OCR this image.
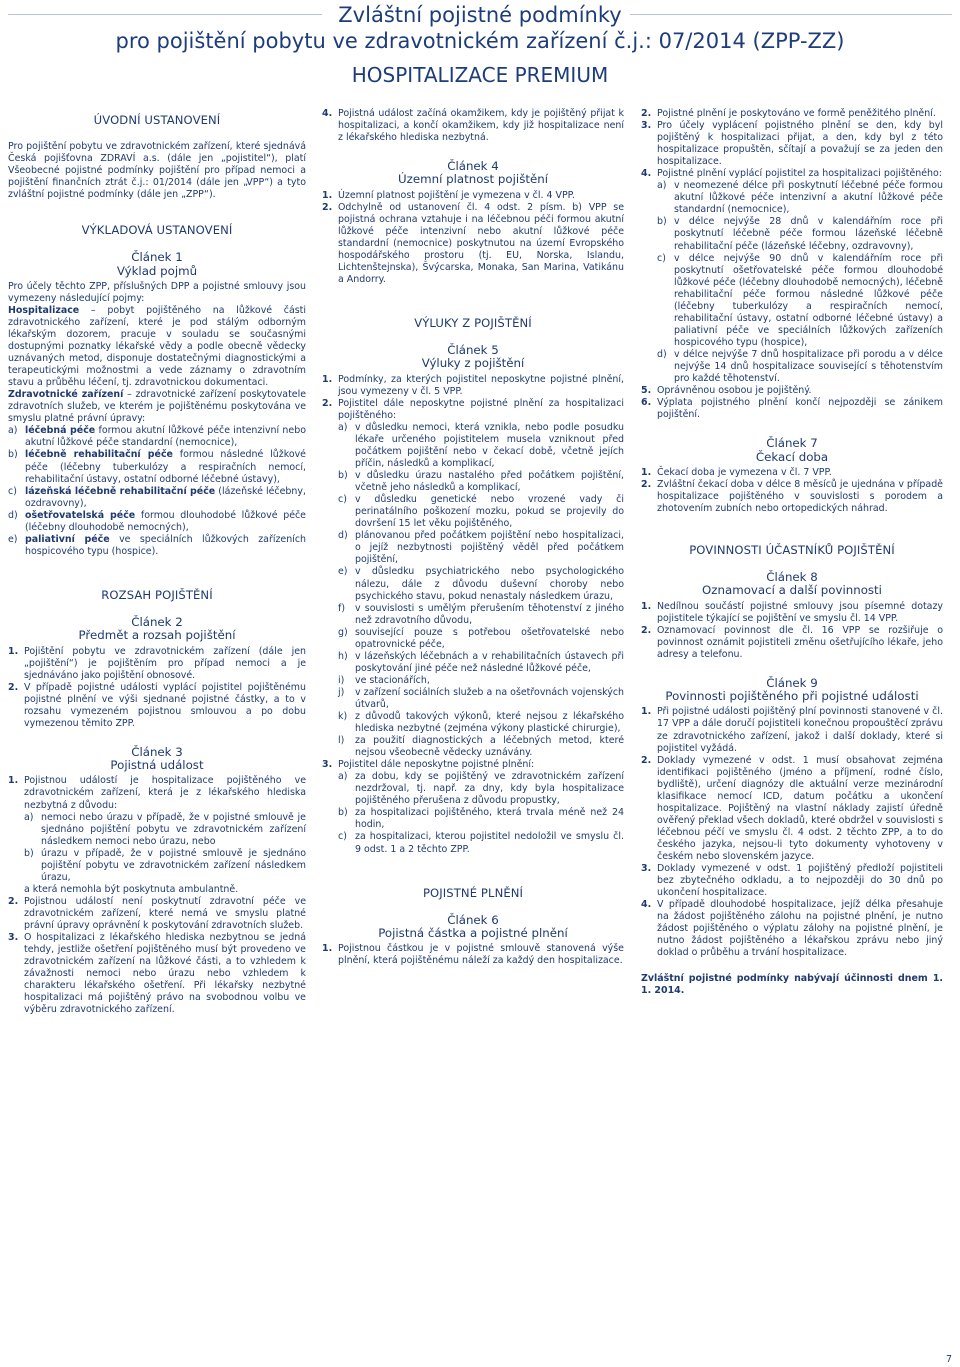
Zvláštní pojistné podmínky
pro pojištění pobytu ve zdravotnickém zařízení č.j.: 07/2014 (ZPP-ZZ)
HOSPITALIZACE PREMIUM
ÚVODNÍ USTANOVENÍ

Pro pojištění pobytu ve zdravotnickém zařízení, které sjednává Česká pojišťovna ZDRAVÍ a.s. (dále jen „pojistitel“), platí Všeobecné pojistné podmínky pojištění pro případ nemoci a pojištění finančních ztrát č.j.: 01/2014 (dále jen „VPP“) a tyto zvláštní pojistné podmínky (dále jen „ZPP“).

VÝKLADOVÁ USTANOVENÍ
Článek 1
Výklad pojmů

Pro účely těchto ZPP, příslušných DPP a pojistné smlouvy jsou vymezeny následující pojmy:

Hospitalizace – pobyt pojištěného na lůžkové části zdravotnického zařízení, které je pod stálým odborným lékařským dozorem, pracuje v souladu se současnými dostupnými poznatky lékařské vědy a podle obecně vědecky uznávaných metod, disponuje dostatečnými diagnostickými a terapeutickými možnostmi a vede záznamy o zdravotním stavu a průběhu léčení, tj. zdravotnickou dokumentaci.

Zdravotnické zařízení – zdravotnické zařízení poskytovatele zdravotních služeb, ve kterém je pojištěnému poskytována ve smyslu platné právní úpravy:

a) léčebná péče formou akutní lůžkové péče intenzivní nebo akutní lůžkové péče standardní (nemocnice),
b) léčebně rehabilitační péče formou následné lůžkové péče (léčebny tuberkulózy a respiračních nemocí, rehabilitační ústavy, ostatní odborné léčebné ústavy),
c) lázeňská léčebně rehabilitační péče (lázeňské léčebny, ozdravovny),
d) ošetřovatelská péče formou dlouhodobé lůžkové péče (léčebny dlouhodobě nemocných),
e) paliativní péče ve speciálních lůžkových zařízeních hospicového typu (hospice).
ROZSAH POJIŠTĚNÍ
Článek 2
Předmět a rozsah pojištění
1. Pojištění pobytu ve zdravotnickém zařízení (dále jen „pojištění“) je pojištěním pro případ nemoci a je sjednáváno jako pojištění obnosové.
2. V případě pojistné události vyplácí pojistitel pojištěnému pojistné plnění ve výši sjednané pojistné částky, a to v rozsahu vymezeném pojistnou smlouvou a po dobu vymezenou těmito ZPP.
Článek 3
Pojistná událost
1. Pojistnou událostí je hospitalizace pojištěného ve zdravotnickém zařízení, která je z lékařského hlediska nezbytná z důvodu:
a) nemoci nebo úrazu v případě, že v pojistné smlouvě je sjednáno pojištění pobytu ve zdravotnickém zařízení následkem nemoci nebo úrazu, nebo
b) úrazu v případě, že v pojistné smlouvě je sjednáno pojištění pobytu ve zdravotnickém zařízení následkem úrazu,
a která nemohla být poskytnuta ambulantně.
2. Pojistnou událostí není poskytnutí zdravotní péče ve zdravotnickém zařízení, které nemá ve smyslu platné právní úpravy oprávnění k poskytování zdravotních služeb.
3. O hospitalizaci z lékařského hlediska nezbytnou se jedná tehdy, jestliže ošetření pojištěného musí být provedeno ve zdravotnickém zařízení na lůžkové části, a to vzhledem k závažnosti nemoci nebo úrazu nebo vzhledem k charakteru lékařského ošetření. Při lékařsky nezbytné hospitalizaci má pojištěný právo na svobodnou volbu ve výběru zdravotnického zařízení.
4. Pojistná událost začíná okamžikem, kdy je pojištěný přijat k hospitalizaci, a končí okamžikem, kdy již hospitalizace není z lékařského hlediska nezbytná.
Článek 4
Územní platnost pojištění
1. Územní platnost pojištění je vymezena v čl. 4 VPP.
2. Odchylně od ustanovení čl. 4 odst. 2 písm. b) VPP se pojistná ochrana vztahuje i na léčebnou péči formou akutní lůžkové péče intenzivní nebo akutní lůžkové péče standardní (nemocnice) poskytnutou na území Evropského hospodářského prostoru (tj. EU, Norska, Islandu, Lichtenštejnska), Švýcarska, Monaka, San Marina, Vatikánu a Andorry.
VÝLUKY Z POJIŠTĚNÍ
Článek 5
Výluky z pojištění
1. Podmínky, za kterých pojistitel neposkytne pojistné plnění, jsou vymezeny v čl. 5 VPP.
2. Pojistitel dále neposkytne pojistné plnění za hospitalizaci pojištěného:
a) v důsledku nemoci, která vznikla, nebo podle posudku lékaře určeného pojistitelem musela vzniknout před počátkem pojištění nebo v čekací době, včetně jejích příčin, následků a komplikací,
b) v důsledku úrazu nastalého před počátkem pojištění, včetně jeho následků a komplikací,
c) v důsledku genetické nebo vrozené vady či perinatálního poškození mozku, pokud se projevily do dovršení 15 let věku pojištěného,
d) plánovanou před počátkem pojištění nebo hospitalizaci, o jejíž nezbytnosti pojištěný věděl před počátkem pojištění,
e) v důsledku psychiatrického nebo psychologického nálezu, dále z důvodu duševní choroby nebo psychického stavu, pokud nenastaly následkem úrazu,
f)	v souvislosti s umělým přerušením těhotenství z jiného než zdravotního důvodu,
g) související pouze s potřebou ošetřovatelské nebo opatrovnické péče,
h) v lázeňských léčebnách a v rehabilitačních ústavech při poskytování jiné péče než následné lůžkové péče,
i)	ve stacionářích,
j)	v zařízení sociálních služeb a na ošetřovnách vojenských útvarů,
k) z důvodů takových výkonů, které nejsou z lékařského hlediska nezbytné (zejména výkony plastické chirurgie),
l)	za použití diagnostických a léčebných metod, které nejsou všeobecně vědecky uznávány.
3. Pojistitel dále neposkytne pojistné plnění:
a) za dobu, kdy se pojištěný ve zdravotnickém zařízení nezdržoval, tj. např. za dny, kdy byla hospitalizace pojištěného přerušena z důvodu propustky,
b) za hospitalizaci pojištěného, která trvala méně než 24 hodin,
c) za hospitalizaci, kterou pojistitel nedoložil ve smyslu čl. 9 odst. 1 a 2 těchto ZPP.
POJISTNÉ PLNĚNÍ
Článek 6
Pojistná částka a pojistné plnění
1. Pojistnou částkou je v pojistné smlouvě stanovená výše plnění, která pojištěnému náleží za každý den hospitalizace.
2. Pojistné plnění je poskytováno ve formě peněžitého plnění.
3. Pro účely vyplácení pojistného plnění se den, kdy byl pojištěný k hospitalizaci přijat, a den, kdy byl z této hospitalizace propuštěn, sčítají a považují se za jeden den hospitalizace.
4. Pojistné plnění vyplácí pojistitel za hospitalizaci pojištěného:
a) v neomezené délce při poskytnutí léčebné péče formou akutní lůžkové péče intenzivní a akutní lůžkové péče standardní (nemocnice),
b) v délce nejvýše 28 dnů v kalendářním roce při poskytnutí léčebně péče formou lázeňské léčebně rehabilitační péče (lázeňské léčebny, ozdravovny),
c) v délce nejvýše 90 dnů v kalendářním roce při poskytnutí ošetřovatelské péče formou dlouhodobé lůžkové péče (léčebny dlouhodobě nemocných), léčebně rehabilitační péče formou následné lůžkové péče (léčebny tuberkulózy a respiračních nemocí, rehabilitační ústavy, ostatní odborné léčebné ústavy) a paliativní péče ve speciálních lůžkových zařízeních hospicového typu (hospice),
d) v délce nejvýše 7 dnů hospitalizace při porodu a v délce nejvýše 14 dnů hospitalizace související s těhotenstvím pro každé těhotenství.
5. Oprávněnou osobou je pojištěný.
6. Výplata pojistného plnění končí nejpozději se zánikem pojištění.
Článek 7
Čekací doba
1. Čekací doba je vymezena v čl. 7 VPP.
2. Zvláštní čekací doba v délce 8 měsíců je ujednána v případě hospitalizace pojištěného v souvislosti s porodem a zhotovením zubních nebo ortopedických náhrad.
POVINNOSTI ÚČASTNÍKŮ POJIŠTĚNÍ
Článek 8
Oznamovací a další povinnosti
1. Nedílnou součástí pojistné smlouvy jsou písemné dotazy pojistitele týkající se pojištění ve smyslu čl. 14 VPP.
2. Oznamovací povinnost dle čl. 16 VPP se rozšiřuje o povinnost oznámit pojistiteli změnu ošetřujícího lékaře, jeho adresy a telefonu.
Článek 9
Povinnosti pojištěného při pojistné události
1. Při pojistné události pojištěný plní povinnosti stanovené v čl. 17 VPP a dále doručí pojistiteli konečnou propouštěcí zprávu ze zdravotnického zařízení, jakož i další doklady, které si pojistitel vyžádá.
2. Doklady vymezené v odst. 1 musí obsahovat zejména identifikaci pojištěného (jméno a příjmení, rodné číslo, bydliště), určení diagnózy dle aktuální verze mezinárodní klasifikace nemocí ICD, datum počátku a ukončení hospitalizace. Pojištěný na vlastní náklady zajistí úředně ověřený překlad všech dokladů, které obdržel v souvislosti s léčebnou péčí ve smyslu čl. 4 odst. 2 těchto ZPP, a to do českého jazyka, nejsou-li tyto dokumenty vyhotoveny v českém nebo slovenském jazyce.
3. Doklady vymezené v odst. 1 pojištěný předloží pojistiteli bez zbytečného odkladu, a to nejpozději do 30 dnů po ukončení hospitalizace.
4. V případě dlouhodobé hospitalizace, jejíž délka přesahuje na žádost pojištěného zálohu na pojistné plnění, je nutno žádost pojištěného o výplatu zálohy na pojistné plnění, je nutno žádost pojištěného a lékařskou zprávu nebo jiný doklad o průběhu a trvání hospitalizace.

Zvláštní pojistné podmínky nabývají účinnosti dnem 1. 1. 2014.

7
